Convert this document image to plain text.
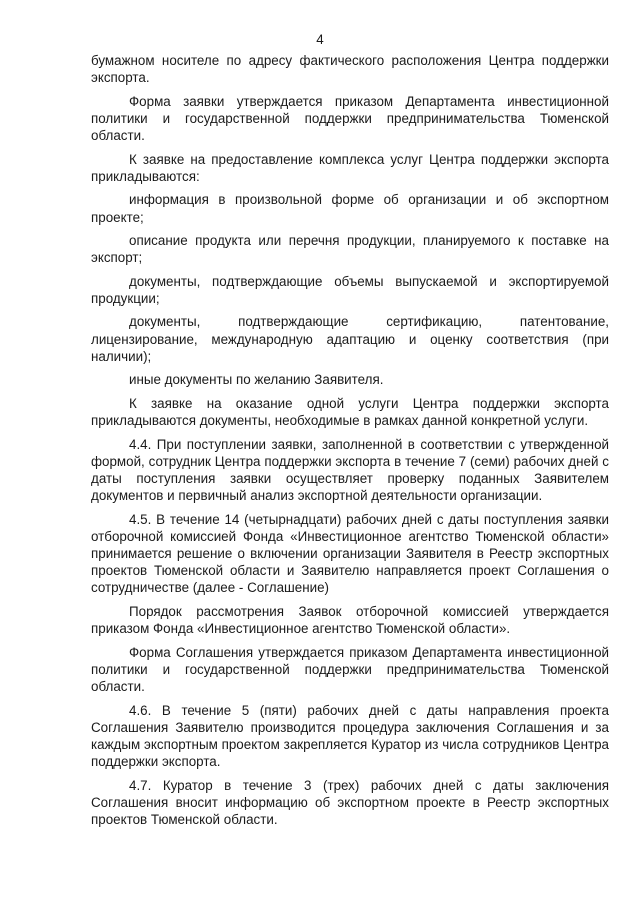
4

бумажном носителе по адресу фактического расположения Центра поддержки экспорта.

Форма заявки утверждается приказом Департамента инвестиционной политики и государственной поддержки предпринимательства Тюменской области.

К заявке на предоставление комплекса услуг Центра поддержки экспорта прикладываются:

информация в произвольной форме об организации и об экспортном проекте;

описание продукта или перечня продукции, планируемого к поставке на экспорт;

документы, подтверждающие объемы выпускаемой и экспортируемой продукции;

документы, подтверждающие сертификацию, патентование, лицензирование, международную адаптацию и оценку соответствия (при наличии);

иные документы по желанию Заявителя.

К заявке на оказание одной услуги Центра поддержки экспорта прикладываются документы, необходимые в рамках данной конкретной услуги.

4.4. При поступлении заявки, заполненной в соответствии с утвержденной формой, сотрудник Центра поддержки экспорта в течение 7 (семи) рабочих дней с даты поступления заявки осуществляет проверку поданных Заявителем документов и первичный анализ экспортной деятельности организации.

4.5. В течение 14 (четырнадцати) рабочих дней с даты поступления заявки отборочной комиссией Фонда «Инвестиционное агентство Тюменской области» принимается решение о включении организации Заявителя в Реестр экспортных проектов Тюменской области и Заявителю направляется проект Соглашения о сотрудничестве (далее - Соглашение)

Порядок рассмотрения Заявок отборочной комиссией утверждается приказом Фонда «Инвестиционное агентство Тюменской области».

Форма Соглашения утверждается приказом Департамента инвестиционной политики и государственной поддержки предпринимательства Тюменской области.

4.6. В течение 5 (пяти) рабочих дней с даты направления проекта Соглашения Заявителю производится процедура заключения Соглашения и за каждым экспортным проектом закрепляется Куратор из числа сотрудников Центра поддержки экспорта.

4.7. Куратор в течение 3 (трех) рабочих дней с даты заключения Соглашения вносит информацию об экспортном проекте в Реестр экспортных проектов Тюменской области.
